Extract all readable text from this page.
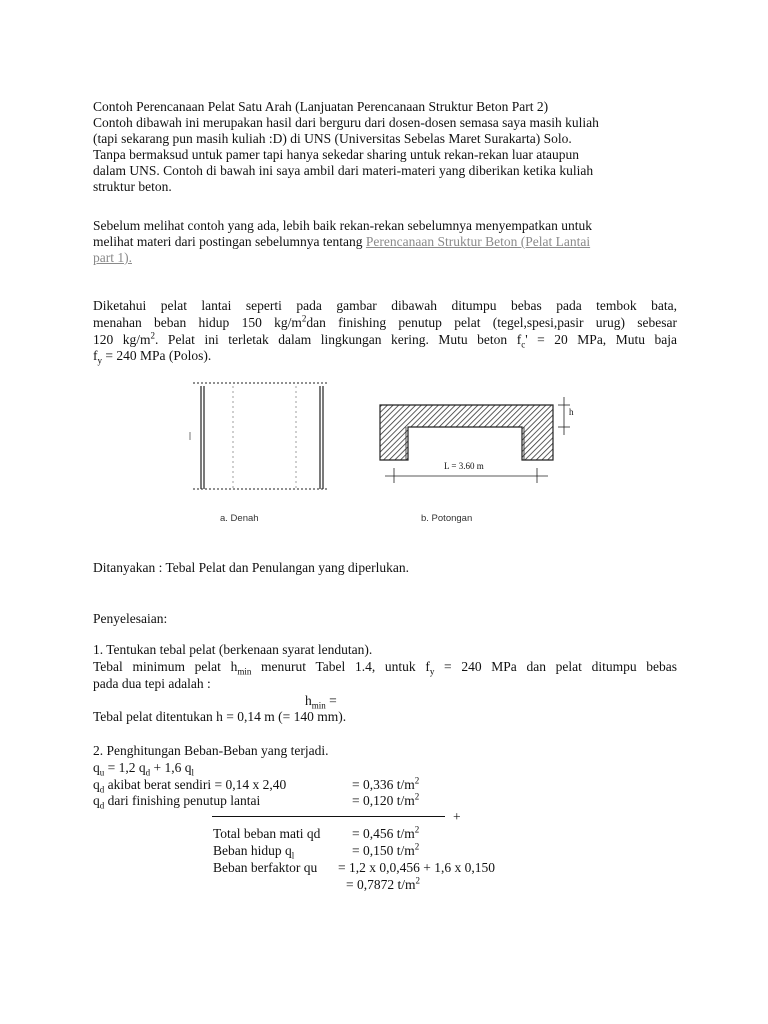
Contoh Perencanaan Pelat Satu Arah (Lanjuatan Perencanaan Struktur Beton Part 2)
Contoh dibawah ini merupakan hasil dari berguru dari dosen-dosen semasa saya masih kuliah
(tapi sekarang pun masih kuliah :D) di UNS (Universitas Sebelas Maret Surakarta) Solo.
Tanpa bermaksud untuk pamer tapi hanya sekedar sharing untuk rekan-rekan luar ataupun
dalam UNS. Contoh di bawah ini saya ambil dari materi-materi yang diberikan ketika kuliah
struktur beton.
Sebelum melihat contoh yang ada, lebih baik rekan-rekan sebelumnya menyempatkan untuk
melihat materi dari postingan sebelumnya tentang Perencanaan Struktur Beton (Pelat Lantai
part 1).
Diketahui pelat lantai seperti pada gambar dibawah ditumpu bebas pada tembok bata,
menahan beban hidup 150 $kg/m^2dan$ finishing penutup pelat (tegel,spesi,pasir urug) sebesar
120 $kg/m^2$. Pelat ini terletak dalam lingkungan kering. Mutu beton $f_c' = 20$ MPa, Mutu baja
$f_y = 240$ MPa (Polos).
L = 3.60 m
h
a. Denah	b. Potongan
Ditanyakan : Tebal Pelat dan Penulangan yang diperlukan.
Penyelesaian:
1. Tentukan tebal pelat (berkenaan syarat lendutan).
Tebal minimum pelat $h_{min}$ menurut Tabel 1.4, untuk $f_y = 240$ MPa dan pelat ditumpu bebas
pada dua tepi adalah :
$h_{min}$ =
Tebal pelat ditentukan h = 0,14 m (= 140 mm).
2. Penghitungan Beban-Beban yang terjadi.
$q_u = 1,2$ $q_d + 1,6$ $q_l$
$q_d$ akibat berat sendiri = 0,14 x 2,40	= 0,336 $t/m^2$
$q_d$ dari finishing penutup lantai	= 0,120 $t/m^2$
+
Total beban mati qd = 0,456 $t/m^2$
Beban hidup $q_l$	= 0,150 $t/m^2$
Beban berfaktor qu = 1,2 x 0,0,456 + 1,6 x 0,150
= 0,7872 $t/m^2$
